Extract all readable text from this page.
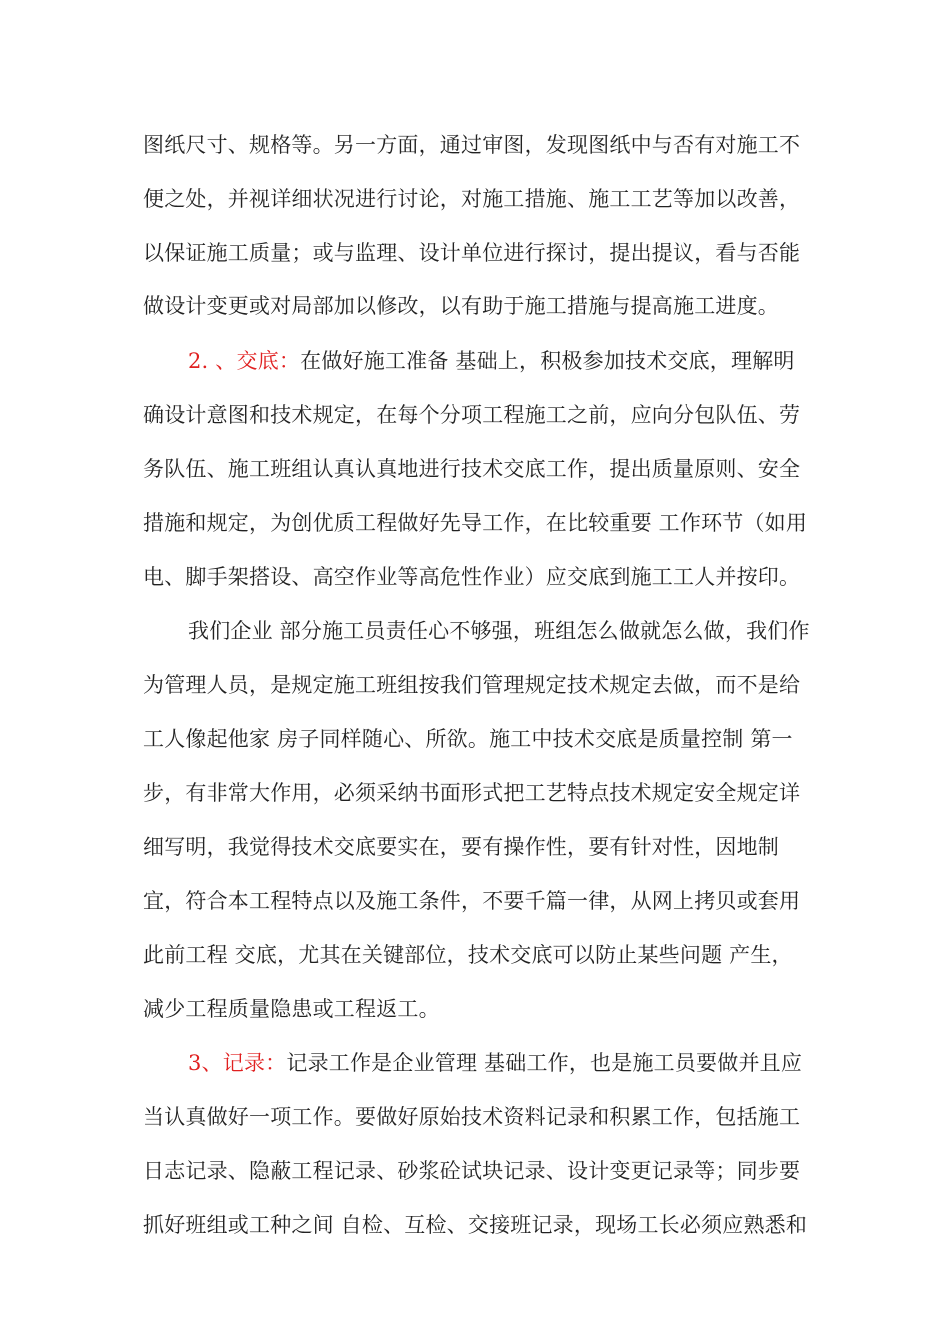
图纸尺寸、规格等。另一方面，通过审图，发现图纸中与否有对施工不
便之处，并视详细状况进行讨论，对施工措施、施工工艺等加以改善，
以保证施工质量；或与监理、设计单位进行探讨，提出提议，看与否能
做设计变更或对局部加以修改，以有助于施工措施与提高施工进度。
2. 、交底：在做好施工准备 基础上，积极参加技术交底，理解明
确设计意图和技术规定，在每个分项工程施工之前，应向分包队伍、劳
务队伍、施工班组认真认真地进行技术交底工作，提出质量原则、安全
措施和规定，为创优质工程做好先导工作，在比较重要 工作环节（如用
电、脚手架搭设、高空作业等高危性作业）应交底到施工工人并按印。
我们企业 部分施工员责任心不够强，班组怎么做就怎么做，我们作
为管理人员，是规定施工班组按我们管理规定技术规定去做，而不是给
工人像起他家 房子同样随心、所欲。施工中技术交底是质量控制 第一
步，有非常大作用，必须采纳书面形式把工艺特点技术规定安全规定详
细写明，我觉得技术交底要实在，要有操作性，要有针对性，因地制
宜，符合本工程特点以及施工条件，不要千篇一律，从网上拷贝或套用
此前工程 交底，尤其在关键部位，技术交底可以防止某些问题 产生，
减少工程质量隐患或工程返工。
3、记录：记录工作是企业管理 基础工作，也是施工员要做并且应
当认真做好一项工作。要做好原始技术资料记录和积累工作，包括施工
日志记录、隐蔽工程记录、砂浆砼试块记录、设计变更记录等；同步要
抓好班组或工种之间 自检、互检、交接班记录，现场工长必须应熟悉和
